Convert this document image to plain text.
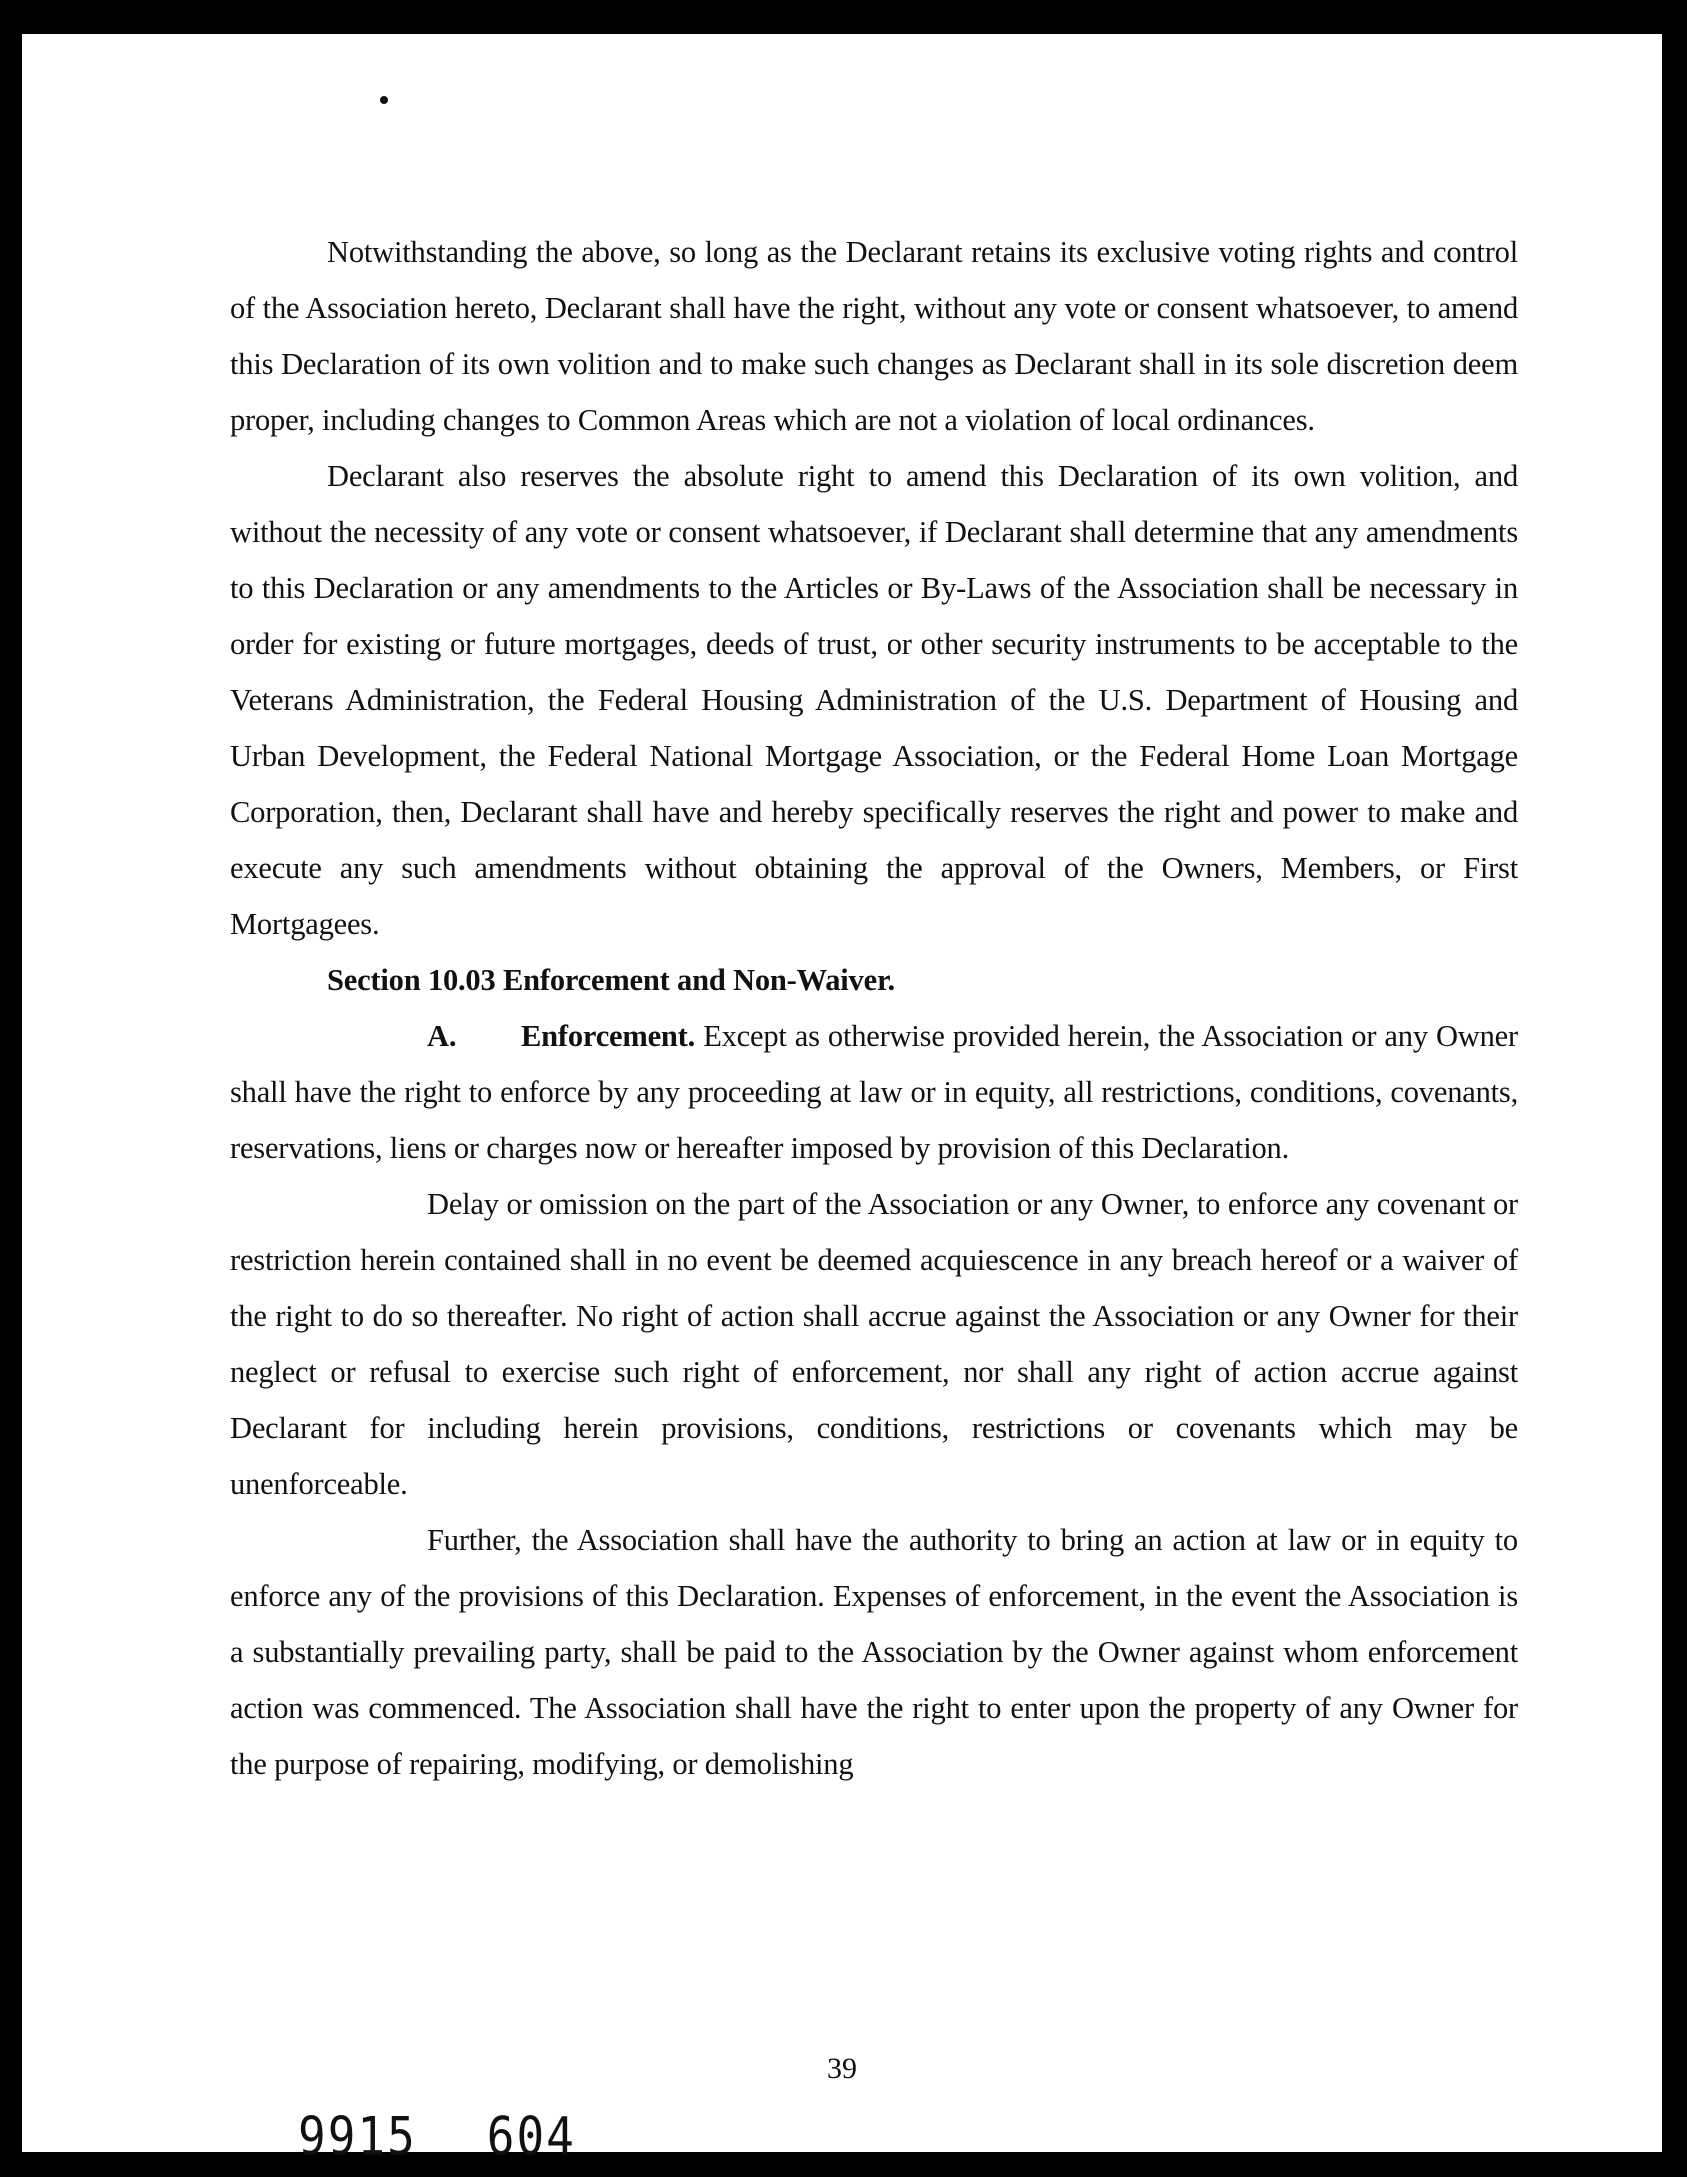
Notwithstanding the above, so long as the Declarant retains its exclusive voting rights and control of the Association hereto, Declarant shall have the right, without any vote or consent whatsoever, to amend this Declaration of its own volition and to make such changes as Declarant shall in its sole discretion deem proper, including changes to Common Areas which are not a violation of local ordinances.

Declarant also reserves the absolute right to amend this Declaration of its own volition, and without the necessity of any vote or consent whatsoever, if Declarant shall determine that any amendments to this Declaration or any amendments to the Articles or By-Laws of the Association shall be necessary in order for existing or future mortgages, deeds of trust, or other security instruments to be acceptable to the Veterans Administration, the Federal Housing Administration of the U.S. Department of Housing and Urban Development, the Federal National Mortgage Association, or the Federal Home Loan Mortgage Corporation, then, Declarant shall have and hereby specifically reserves the right and power to make and execute any such amendments without obtaining the approval of the Owners, Members, or First Mortgagees.

Section 10.03 Enforcement and Non-Waiver.

A. Enforcement. Except as otherwise provided herein, the Association or any Owner shall have the right to enforce by any proceeding at law or in equity, all restrictions, conditions, covenants, reservations, liens or charges now or hereafter imposed by provision of this Declaration.

Delay or omission on the part of the Association or any Owner, to enforce any covenant or restriction herein contained shall in no event be deemed acquiescence in any breach hereof or a waiver of the right to do so thereafter. No right of action shall accrue against the Association or any Owner for their neglect or refusal to exercise such right of enforcement, nor shall any right of action accrue against Declarant for including herein provisions, conditions, restrictions or covenants which may be unenforceable.

Further, the Association shall have the authority to bring an action at law or in equity to enforce any of the provisions of this Declaration. Expenses of enforcement, in the event the Association is a substantially prevailing party, shall be paid to the Association by the Owner against whom enforcement action was commenced. The Association shall have the right to enter upon the property of any Owner for the purpose of repairing, modifying, or demolishing

39
9915 604
